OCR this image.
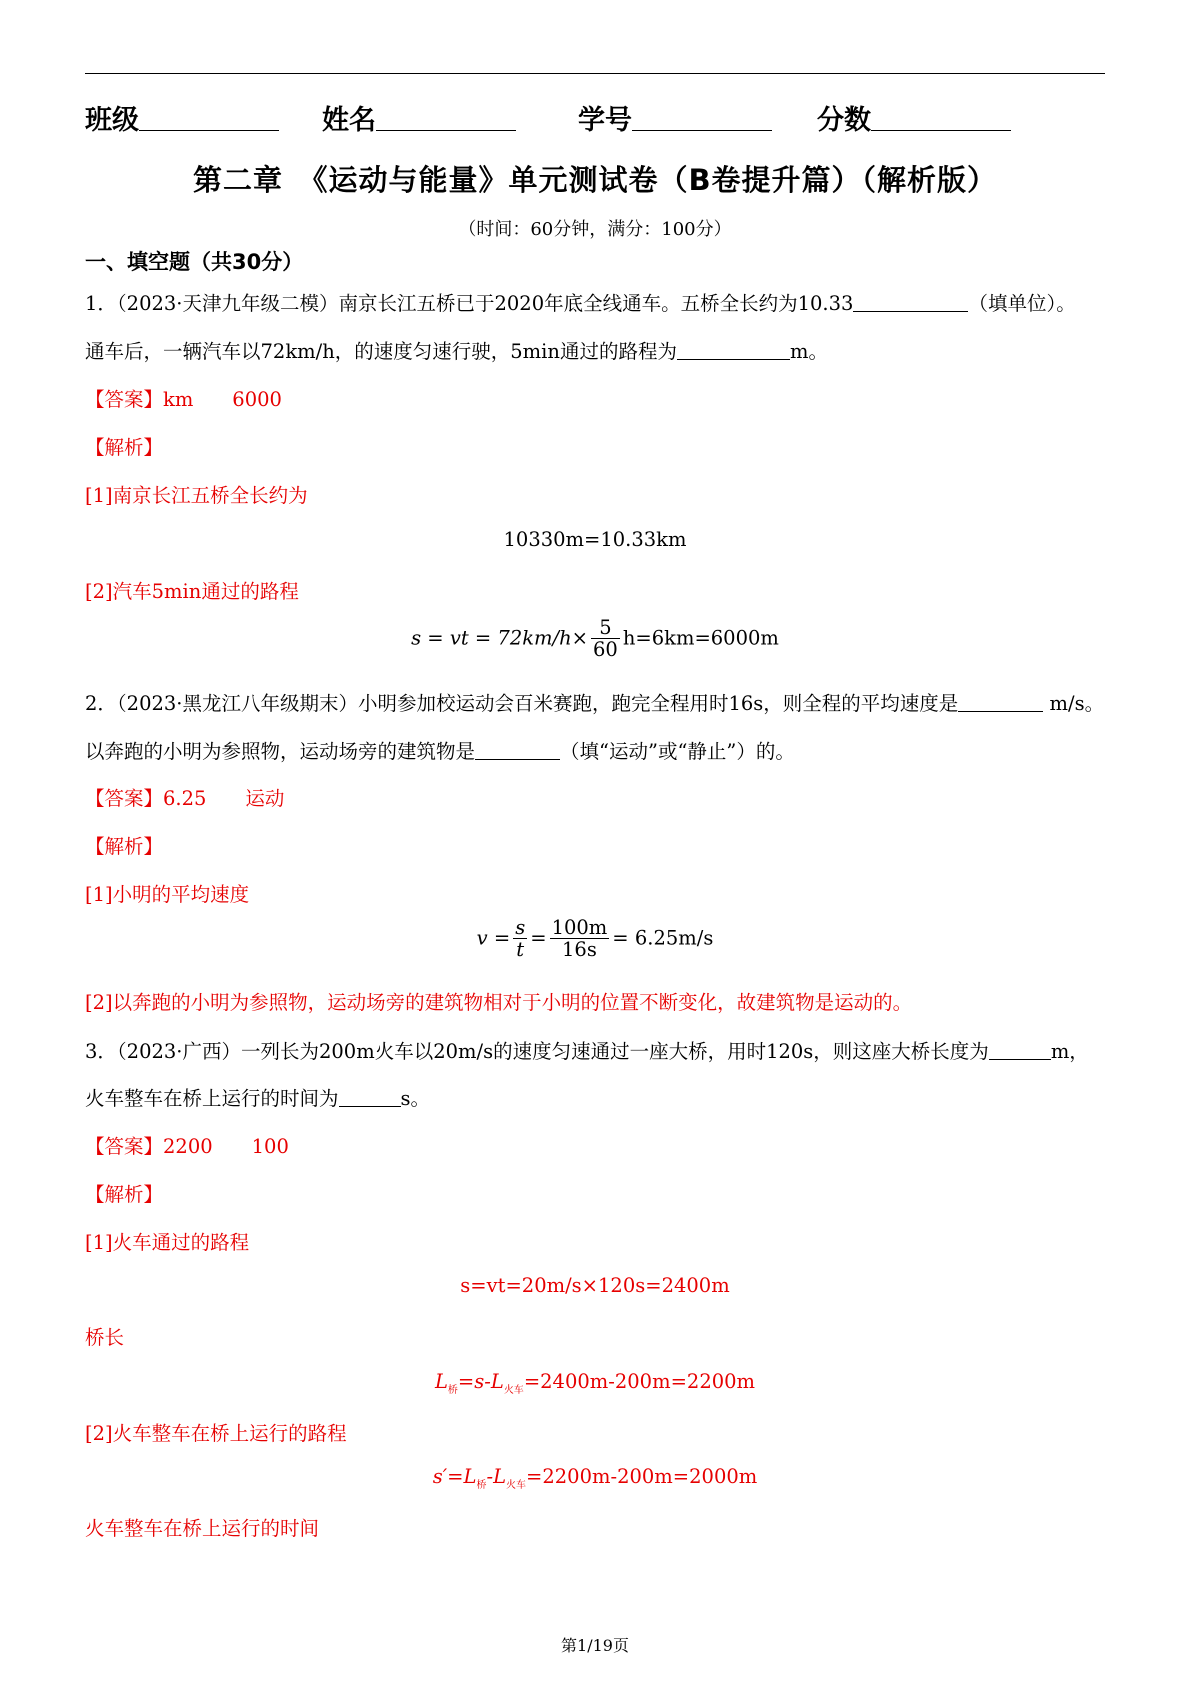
班级	姓名	学号	分数
第二章　《运动与能量》单元测试卷（B卷提升篇）（解析版）
（时间：60分钟，满分：100分）
一、填空题（共30分）
1．（2023·天津九年级二模）南京长江五桥已于2020年底全线通车。五桥全长约为10.33	（填单位）。
通车后，一辆汽车以72km/h，的速度匀速行驶，5min通过的路程为	m。
【答案】km　　6000
【解析】
[1]南京长江五桥全长约为
10330m=10.33km
[2]汽车5min通过的路程
s = vt = $72km/h\times \frac{5}{60} h=6km=6000m$
2．（2023·黑龙江八年级期末）小明参加校运动会百米赛跑，跑完全程用时16s，则全程的平均速度是	m/s。
以奔跑的小明为参照物，运动场旁的建筑物是	（填“运动”或“静止”）的。
【答案】6.25　　运动
【解析】
[1]小明的平均速度
$v = \frac{s}{t} = \frac{100m}{16s} = 6.25m/s$
[2]以奔跑的小明为参照物，运动场旁的建筑物相对于小明的位置不断变化，故建筑物是运动的。
3．（2023·广西）一列长为200m火车以20m/s的速度匀速通过一座大桥，用时120s，则这座大桥长度为	m，
火车整车在桥上运行的时间为	s。
【答案】2200　　100
【解析】
[1]火车通过的路程
s=vt=20m/s×120s=2400m
桥长
$L_桥=s-L_{火车}=2400m-200m=2200m$
[2]火车整车在桥上运行的路程
$s'=L_桥-L_{火车}=2200m-200m=2000m$
火车整车在桥上运行的时间
第1/19页
